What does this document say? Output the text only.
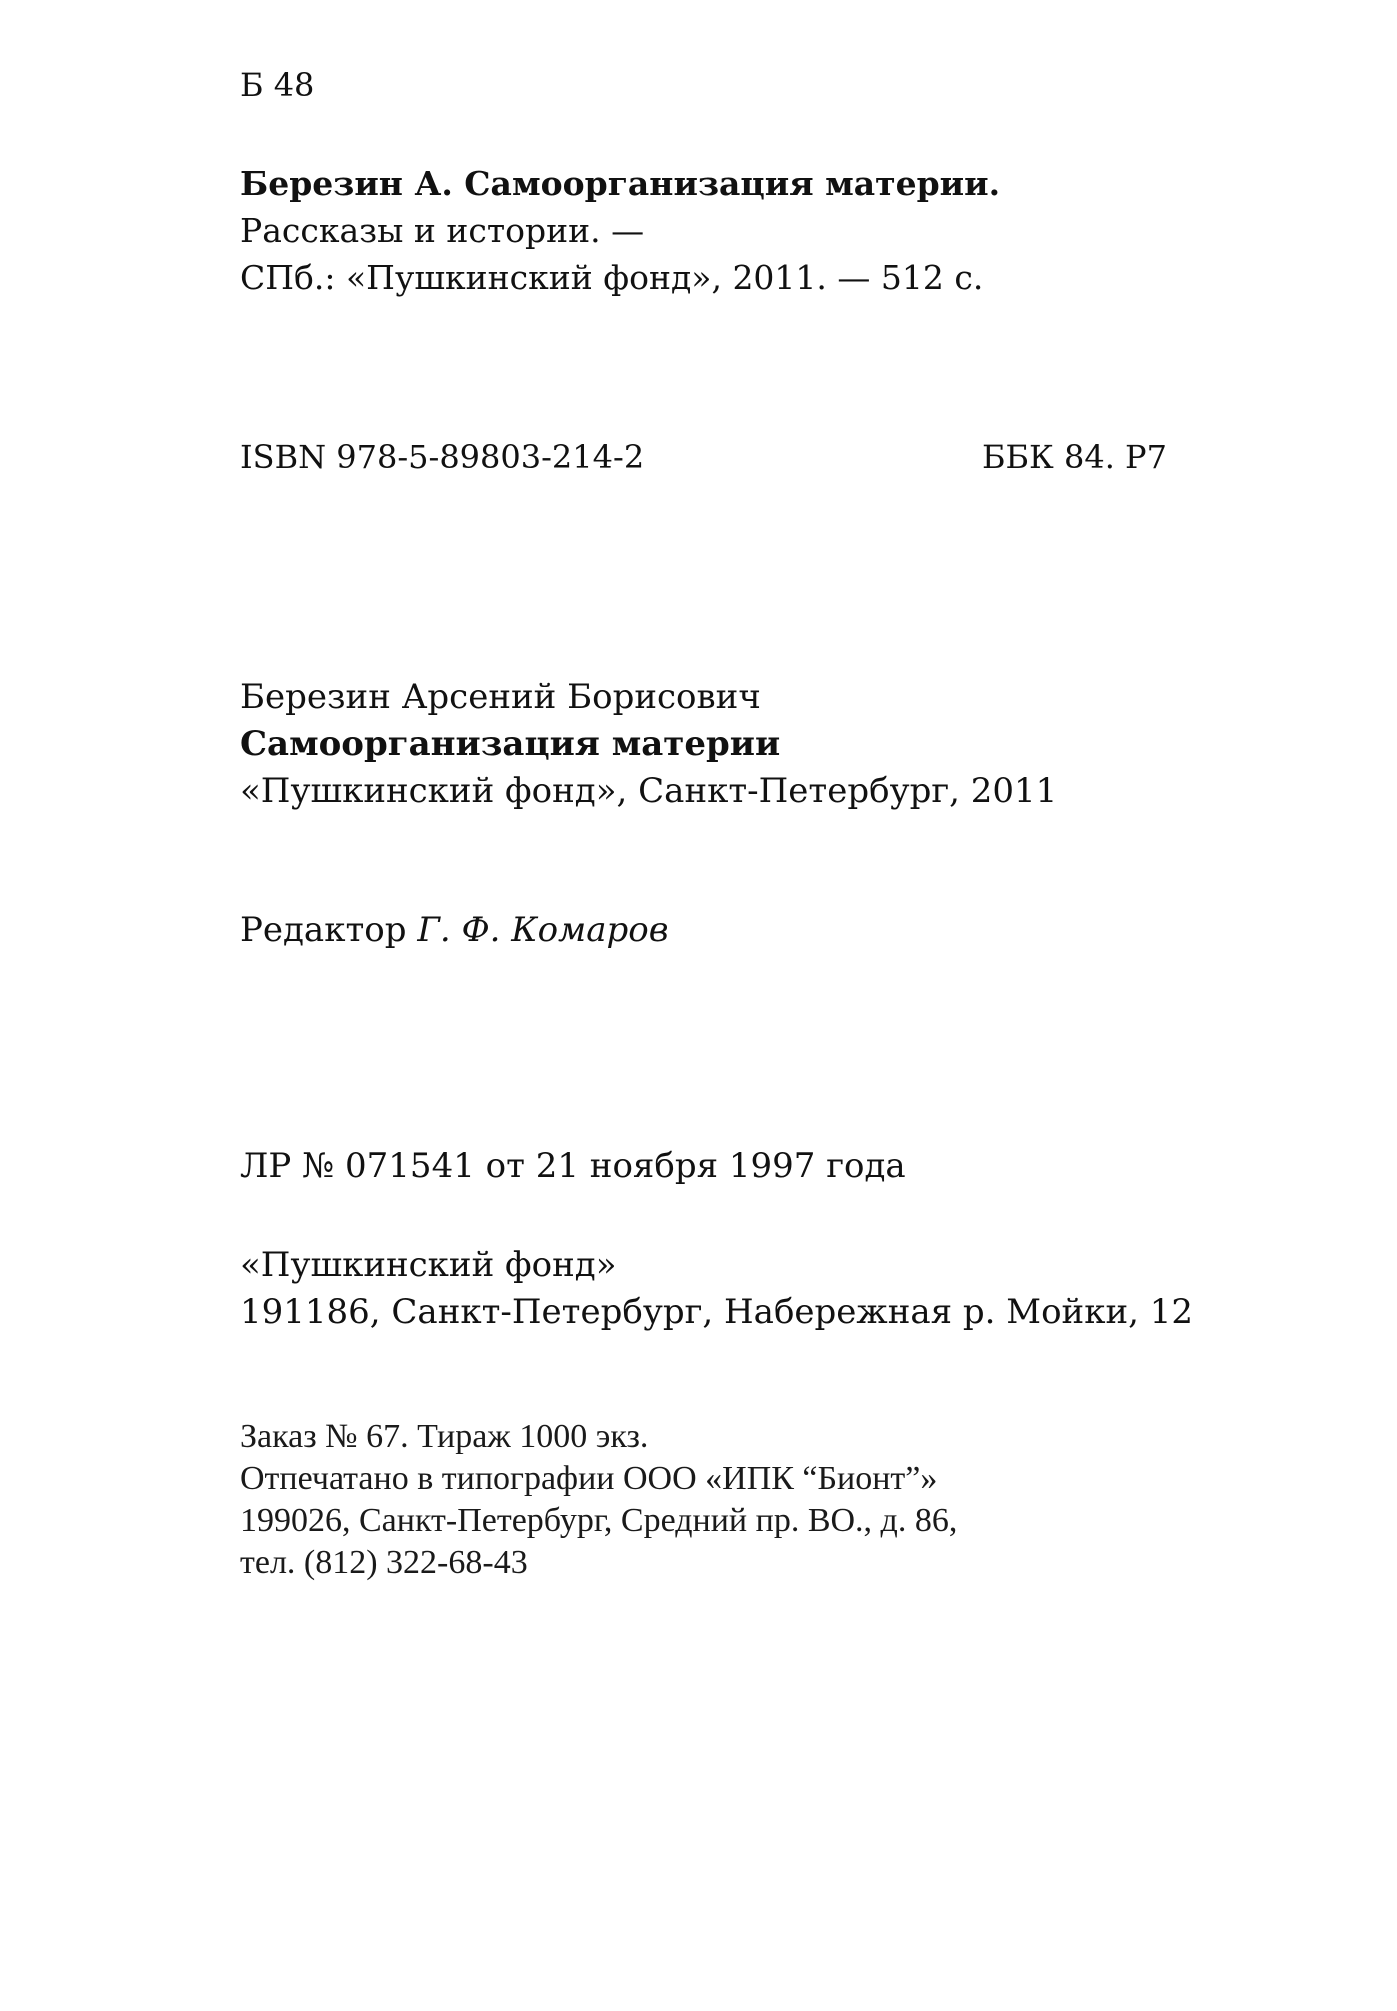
Б 48
Березин А. Самоорганизация материи.
Рассказы и истории. —
СПб.: «Пушкинский фонд», 2011. — 512 с.
ISBN 978-5-89803-214-2	ББК 84. Р7
Березин Арсений Борисович
Самоорганизация материи
«Пушкинский фонд», Санкт-Петербург, 2011
Редактор Г. Ф. Комаров
ЛР № 071541 от 21 ноября 1997 года
«Пушкинский фонд»
191186, Санкт-Петербург, Набережная р. Мойки, 12
Заказ № 67. Тираж 1000 экз.
Отпечатано в типографии ООО «ИПК “Бионт”»
199026, Санкт-Петербург, Средний пр. ВО., д. 86,
тел. (812) 322-68-43
